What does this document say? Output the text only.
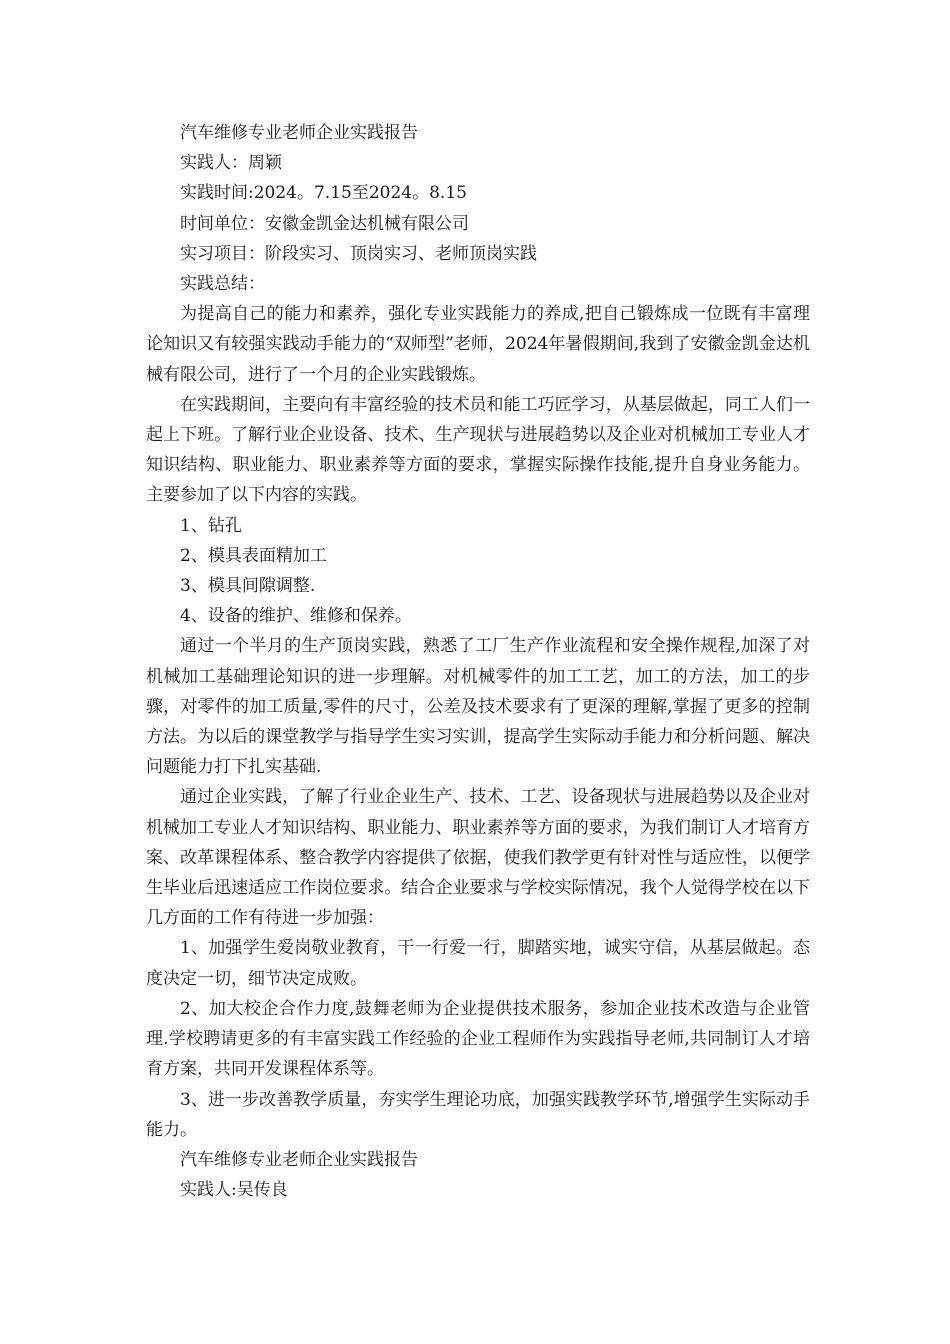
汽车维修专业老师企业实践报告

实践人：周颖

实践时间:2024。7.15至2024。8.15

时间单位：安徽金凯金达机械有限公司

实习项目：阶段实习、顶岗实习、老师顶岗实践

实践总结：

为提高自己的能力和素养，强化专业实践能力的养成,把自己锻炼成一位既有丰富理论知识又有较强实践动手能力的“双师型”老师，2024年暑假期间,我到了安徽金凯金达机械有限公司，进行了一个月的企业实践锻炼。

在实践期间，主要向有丰富经验的技术员和能工巧匠学习，从基层做起，同工人们一起上下班。了解行业企业设备、技术、生产现状与进展趋势以及企业对机械加工专业人才知识结构、职业能力、职业素养等方面的要求，掌握实际操作技能,提升自身业务能力。主要参加了以下内容的实践。

1、钻孔

2、模具表面精加工

3、模具间隙调整.

4、设备的维护、维修和保养。

通过一个半月的生产顶岗实践，熟悉了工厂生产作业流程和安全操作规程,加深了对机械加工基础理论知识的进一步理解。对机械零件的加工工艺，加工的方法，加工的步骤，对零件的加工质量,零件的尺寸，公差及技术要求有了更深的理解,掌握了更多的控制方法。为以后的课堂教学与指导学生实习实训，提高学生实际动手能力和分析问题、解决问题能力打下扎实基础.

通过企业实践，了解了行业企业生产、技术、工艺、设备现状与进展趋势以及企业对机械加工专业人才知识结构、职业能力、职业素养等方面的要求，为我们制订人才培育方案、改革课程体系、整合教学内容提供了依据，使我们教学更有针对性与适应性，以便学生毕业后迅速适应工作岗位要求。结合企业要求与学校实际情况，我个人觉得学校在以下几方面的工作有待进一步加强：

1、加强学生爱岗敬业教育，干一行爱一行，脚踏实地，诚实守信，从基层做起。态度决定一切，细节决定成败。

2、加大校企合作力度,鼓舞老师为企业提供技术服务，参加企业技术改造与企业管理.学校聘请更多的有丰富实践工作经验的企业工程师作为实践指导老师,共同制订人才培育方案，共同开发课程体系等。

3、进一步改善教学质量，夯实学生理论功底，加强实践教学环节,增强学生实际动手能力。

汽车维修专业老师企业实践报告

实践人:吴传良
